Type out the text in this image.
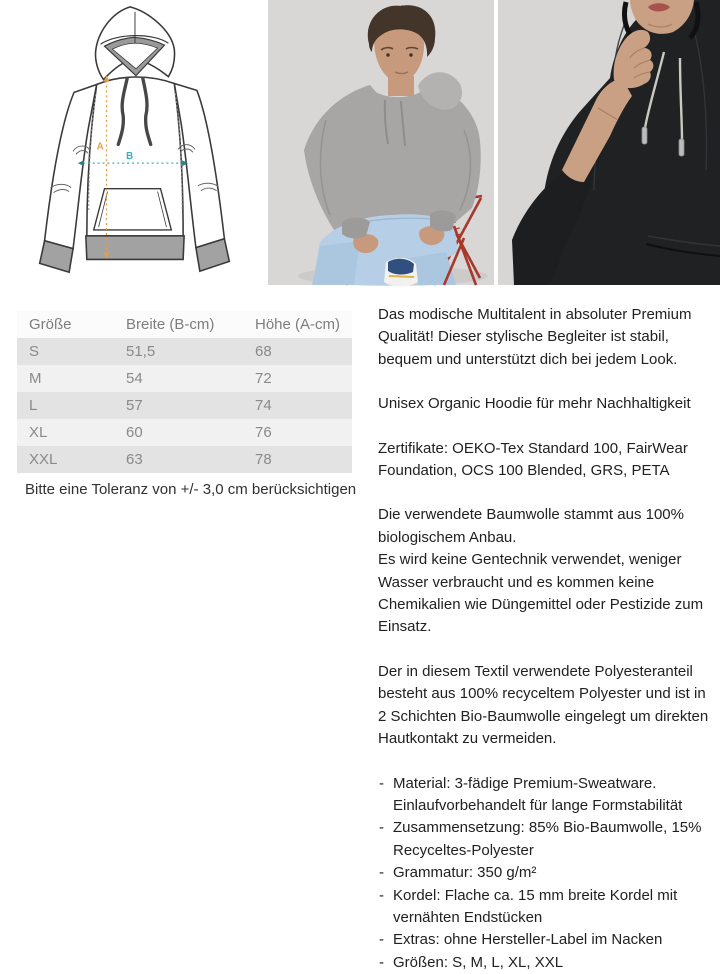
A
B
Größe	Breite (B-cm)	Höhe (A-cm)
S	51,5	68
M	54	72
L	57	74
XL	60	76
XXL	63	78
Bitte eine Toleranz von +/- 3,0 cm berücksichtigen

Das modische Multitalent in absoluter Premium Qualität! Dieser stylische Begleiter ist stabil, bequem und unterstützt dich bei jedem Look.

Unisex Organic Hoodie für mehr Nachhaltigkeit

Zertifikate: OEKO-Tex Standard 100, FairWear Foundation, OCS 100 Blended, GRS, PETA

Die verwendete Baumwolle stammt aus 100% biologischem Anbau.

Es wird keine Gentechnik verwendet, weniger Wasser verbraucht und es kommen keine Chemikalien wie Düngemittel oder Pestizide zum Einsatz.

Der in diesem Textil verwendete Polyesteranteil besteht aus 100% recyceltem Polyester und ist in 2 Schichten Bio-Baumwolle eingelegt um direkten Hautkontakt zu vermeiden.

- Material: 3-fädige Premium-Sweatware. Einlaufvorbehandelt für lange Formstabilität
- Zusammensetzung: 85% Bio-Baumwolle, 15% Recyceltes-Polyester
- Grammatur: 350 g/m²
- Kordel: Flache ca. 15 mm breite Kordel mit vernähten Endstücken
- Extras: ohne Hersteller-Label im Nacken
- Größen: S, M, L, XL, XXL
